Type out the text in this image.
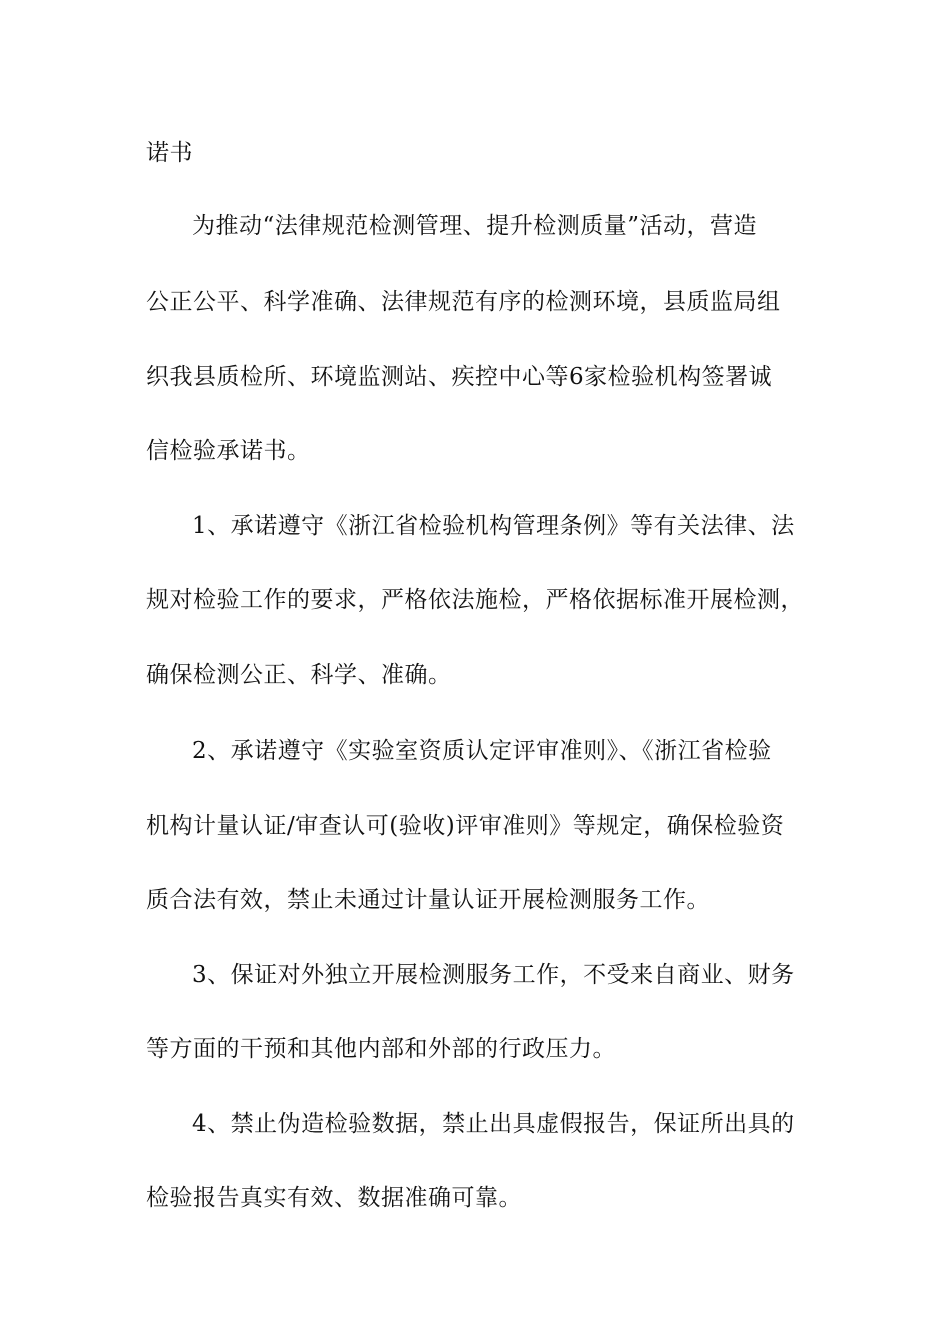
诺书
为推动“法律规范检测管理、提升检测质量”活动，营造
公正公平、科学准确、法律规范有序的检测环境，县质监局组
织我县质检所、环境监测站、疾控中心等6家检验机构签署诚
信检验承诺书。
1、承诺遵守《浙江省检验机构管理条例》等有关法律、法
规对检验工作的要求，严格依法施检，严格依据标准开展检测，
确保检测公正、科学、准确。
2、承诺遵守《实验室资质认定评审准则》、《浙江省检验
机构计量认证/审查认可(验收)评审准则》等规定，确保检验资
质合法有效，禁止未通过计量认证开展检测服务工作。
3、保证对外独立开展检测服务工作，不受来自商业、财务
等方面的干预和其他内部和外部的行政压力。
4、禁止伪造检验数据，禁止出具虚假报告，保证所出具的
检验报告真实有效、数据准确可靠。
